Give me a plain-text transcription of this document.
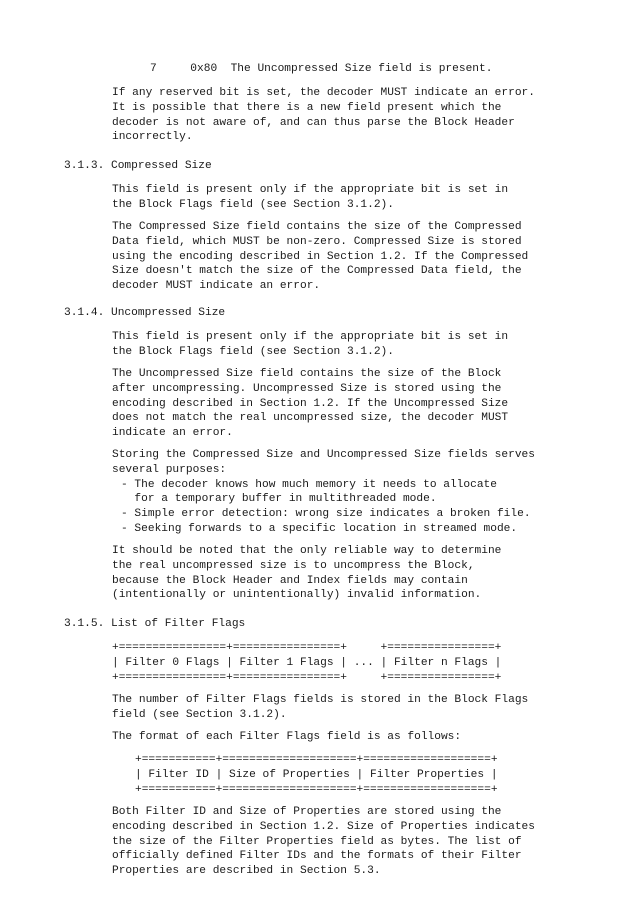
7	0x80 The Uncompressed Size field is present.
If any reserved bit is set, the decoder MUST indicate an error.
It is possible that there is a new field present which the
decoder is not aware of, and can thus parse the Block Header
incorrectly.
3.1.3. Compressed Size
This field is present only if the appropriate bit is set in
the Block Flags field (see Section 3.1.2).
The Compressed Size field contains the size of the Compressed
Data field, which MUST be non-zero. Compressed Size is stored
using the encoding described in Section 1.2. If the Compressed
Size doesn't match the size of the Compressed Data field, the
decoder MUST indicate an error.
3.1.4. Uncompressed Size
This field is present only if the appropriate bit is set in
the Block Flags field (see Section 3.1.2).
The Uncompressed Size field contains the size of the Block
after uncompressing. Uncompressed Size is stored using the
encoding described in Section 1.2. If the Uncompressed Size
does not match the real uncompressed size, the decoder MUST
indicate an error.
Storing the Compressed Size and Uncompressed Size fields serves
several purposes:
- The decoder knows how much memory it needs to allocate
for a temporary buffer in multithreaded mode.
- Simple error detection: wrong size indicates a broken file.
- Seeking forwards to a specific location in streamed mode.
It should be noted that the only reliable way to determine
the real uncompressed size is to uncompress the Block,
because the Block Header and Index fields may contain
(intentionally or unintentionally) invalid information.
3.1.5. List of Filter Flags
+================+================+     +================+
| Filter 0 Flags | Filter 1 Flags | ... | Filter n Flags |
+================+================+     +================+
The number of Filter Flags fields is stored in the Block Flags
field (see Section 3.1.2).
The format of each Filter Flags field is as follows:
+===========+====================+===================+
| Filter ID | Size of Properties | Filter Properties |
+===========+====================+===================+
Both Filter ID and Size of Properties are stored using the
encoding described in Section 1.2. Size of Properties indicates
the size of the Filter Properties field as bytes. The list of
officially defined Filter IDs and the formats of their Filter
Properties are described in Section 5.3.
